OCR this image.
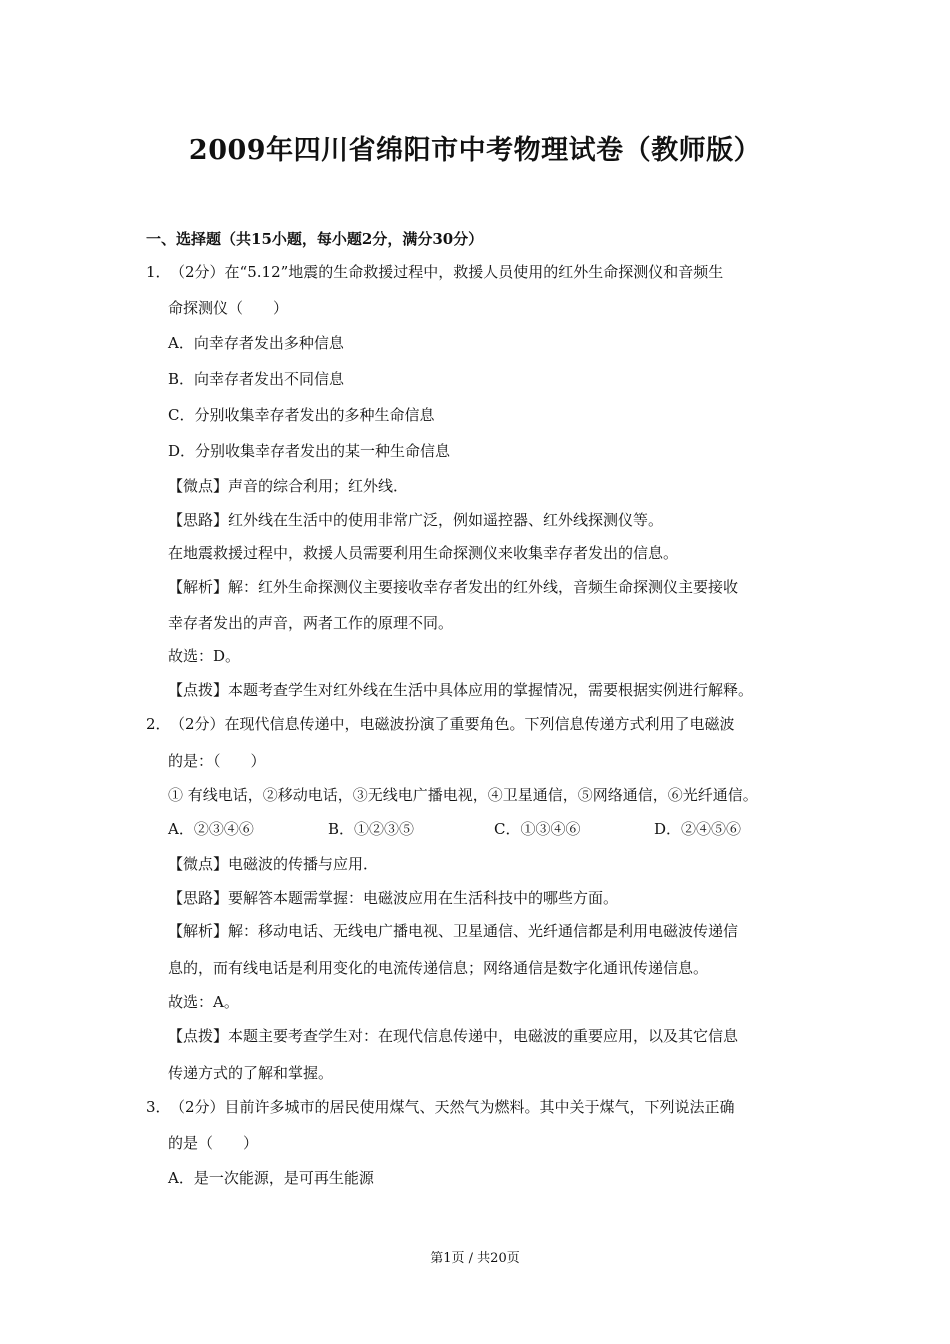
2009年四川省绵阳市中考物理试卷（教师版）
一、选择题（共15小题，每小题2分，满分30分）
1．（2分）在“5.12”地震的生命救援过程中，救援人员使用的红外生命探测仪和音频生
命探测仪（　　）
A．向幸存者发出多种信息
B．向幸存者发出不同信息
C．分别收集幸存者发出的多种生命信息
D．分别收集幸存者发出的某一种生命信息
【微点】声音的综合利用；红外线．
【思路】红外线在生活中的使用非常广泛，例如遥控器、红外线探测仪等。
在地震救援过程中，救援人员需要利用生命探测仪来收集幸存者发出的信息。
【解析】解：红外生命探测仪主要接收幸存者发出的红外线，音频生命探测仪主要接收
幸存者发出的声音，两者工作的原理不同。
故选：D。
【点拨】本题考查学生对红外线在生活中具体应用的掌握情况，需要根据实例进行解释。
2．（2分）在现代信息传递中，电磁波扮演了重要角色。下列信息传递方式利用了电磁波
的是：（　　）
① 有线电话，②移动电话，③无线电广播电视，④卫星通信，⑤网络通信，⑥光纤通信。
A．②③④⑥	B．①②③⑤	C．①③④⑥	D．②④⑤⑥
【微点】电磁波的传播与应用．
【思路】要解答本题需掌握：电磁波应用在生活科技中的哪些方面。
【解析】解：移动电话、无线电广播电视、卫星通信、光纤通信都是利用电磁波传递信
息的，而有线电话是利用变化的电流传递信息；网络通信是数字化通讯传递信息。
故选：A。
【点拨】本题主要考查学生对：在现代信息传递中，电磁波的重要应用，以及其它信息
传递方式的了解和掌握。
3．（2分）目前许多城市的居民使用煤气、天然气为燃料。其中关于煤气，下列说法正确
的是（　　）
A．是一次能源，是可再生能源
第1页 / 共20页
